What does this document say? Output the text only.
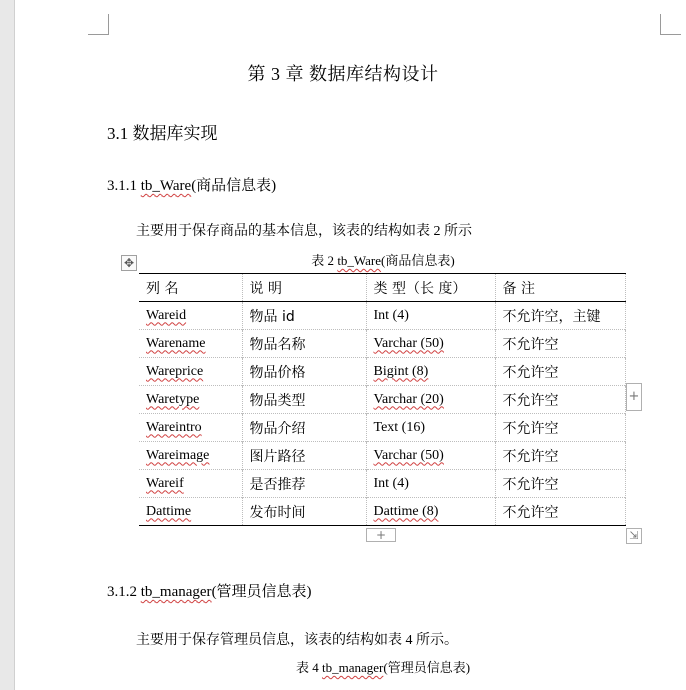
第 3 章 数据库结构设计
3.1 数据库实现
3.1.1 tb_Ware(商品信息表)
主要用于保存商品的基本信息，该表的结构如表 2 所示
表 2 tb_Ware(商品信息表)
✥
列 名	说 明	类 型（长 度）	备 注
Wareid	物品 id	Int (4)	不允许空，主键
Warename	物品名称	Varchar (50)	不允许空
Wareprice	物品价格	Bigint (8)	不允许空
Waretype	物品类型	Varchar (20)	不允许空
Wareintro	物品介绍	Text (16)	不允许空
Wareimage	图片路径	Varchar (50)	不允许空
Wareif	是否推荐	Int (4)	不允许空
Dattime	发布时间	Dattime (8)	不允许空
+
+	⇲
3.1.2 tb_manager(管理员信息表)
主要用于保存管理员信息，该表的结构如表 4 所示。
表 4 tb_manager(管理员信息表)
